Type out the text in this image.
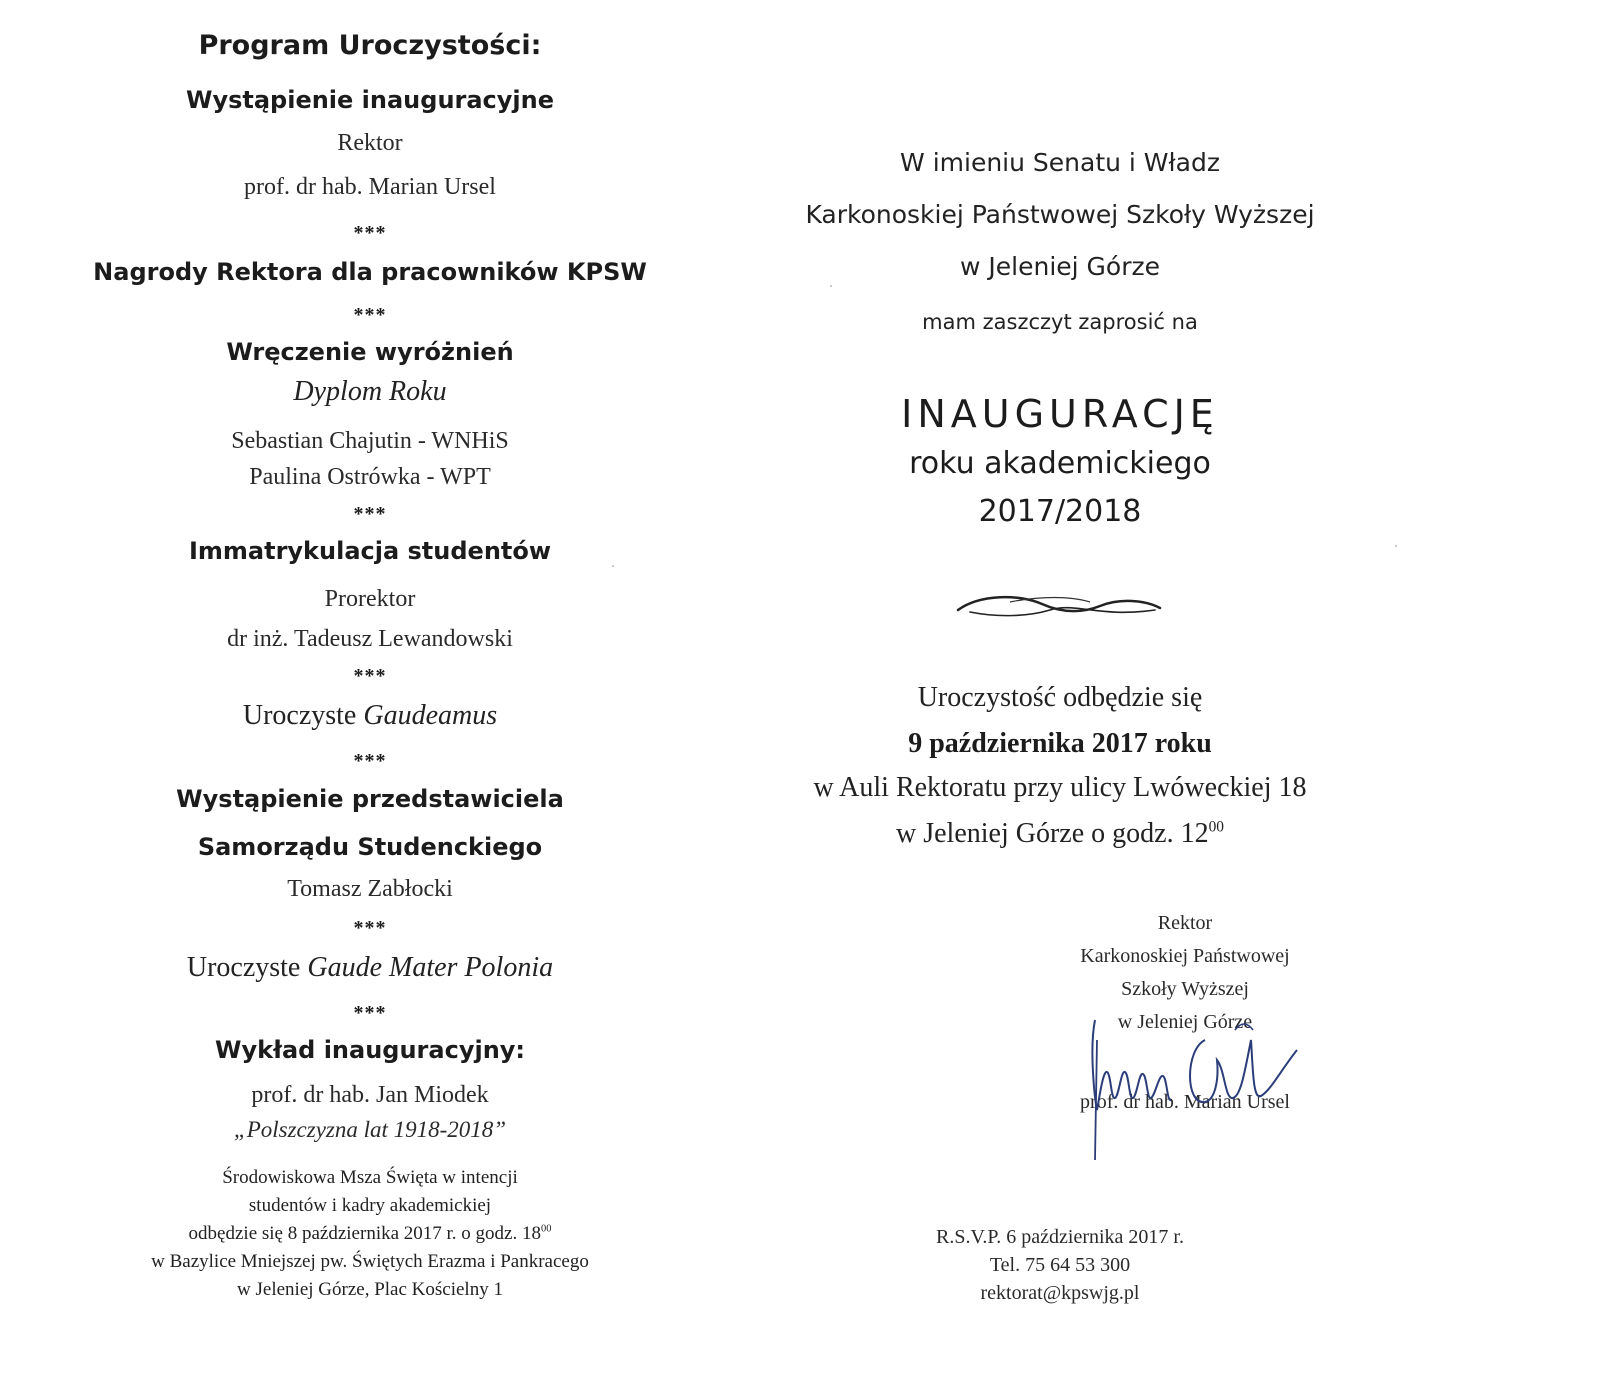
Program Uroczystości:
Wystąpienie inauguracyjne
Rektor
prof. dr hab. Marian Ursel
***
Nagrody Rektora dla pracowników KPSW
***
Wręczenie wyróżnień
Dyplom Roku
Sebastian Chajutin - WNHiS
Paulina Ostrówka - WPT
***
Immatrykulacja studentów
Prorektor
dr inż. Tadeusz Lewandowski
***
Uroczyste Gaudeamus
***
Wystąpienie przedstawiciela
Samorządu Studenckiego
Tomasz Zabłocki
***
Uroczyste Gaude Mater Polonia
***
Wykład inauguracyjny:
prof. dr hab. Jan Miodek
„Polszczyzna lat 1918-2018”
Środowiskowa Msza Święta w intencji
studentów i kadry akademickiej
odbędzie się 8 października 2017 r. o godz. $18^{00}$
w Bazylice Mniejszej pw. Świętych Erazma i Pankracego
w Jeleniej Górze, Plac Kościelny 1
W imieniu Senatu i Władz
Karkonoskiej Państwowej Szkoły Wyższej
w Jeleniej Górze
mam zaszczyt zaprosić na
INAUGURACJĘ
roku akademickiego
2017/2018
Uroczystość odbędzie się
9 października 2017 roku
w Auli Rektoratu przy ulicy Lwóweckiej 18
w Jeleniej Górze o godz. $12^{00}$
Rektor
Karkonoskiej Państwowej
Szkoły Wyższej
w Jeleniej Górze
prof. dr hab. Marian Ursel
R.S.V.P. 6 października 2017 r.
Tel. 75 64 53 300
rektorat@kpswjg.pl
